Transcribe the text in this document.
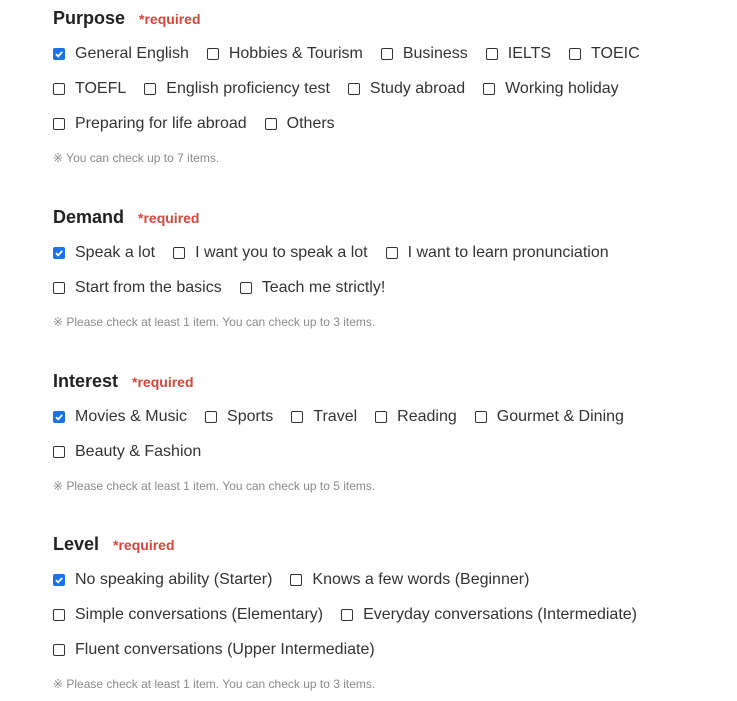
Purpose *required
General English	Hobbies & Tourism	Business	IELTS	TOEIC
TOEFL	English proficiency test	Study abroad	Working holiday
Preparing for life abroad	Others
※ You can check up to 7 items.
Demand *required
Speak a lot	I want you to speak a lot	I want to learn pronunciation
Start from the basics	Teach me strictly!
※ Please check at least 1 item. You can check up to 3 items.
Interest *required
Movies & Music	Sports	Travel	Reading	Gourmet & Dining
Beauty & Fashion
※ Please check at least 1 item. You can check up to 5 items.
Level *required
No speaking ability (Starter)	Knows a few words (Beginner)
Simple conversations (Elementary)	Everyday conversations (Intermediate)
Fluent conversations (Upper Intermediate)
※ Please check at least 1 item. You can check up to 3 items.
